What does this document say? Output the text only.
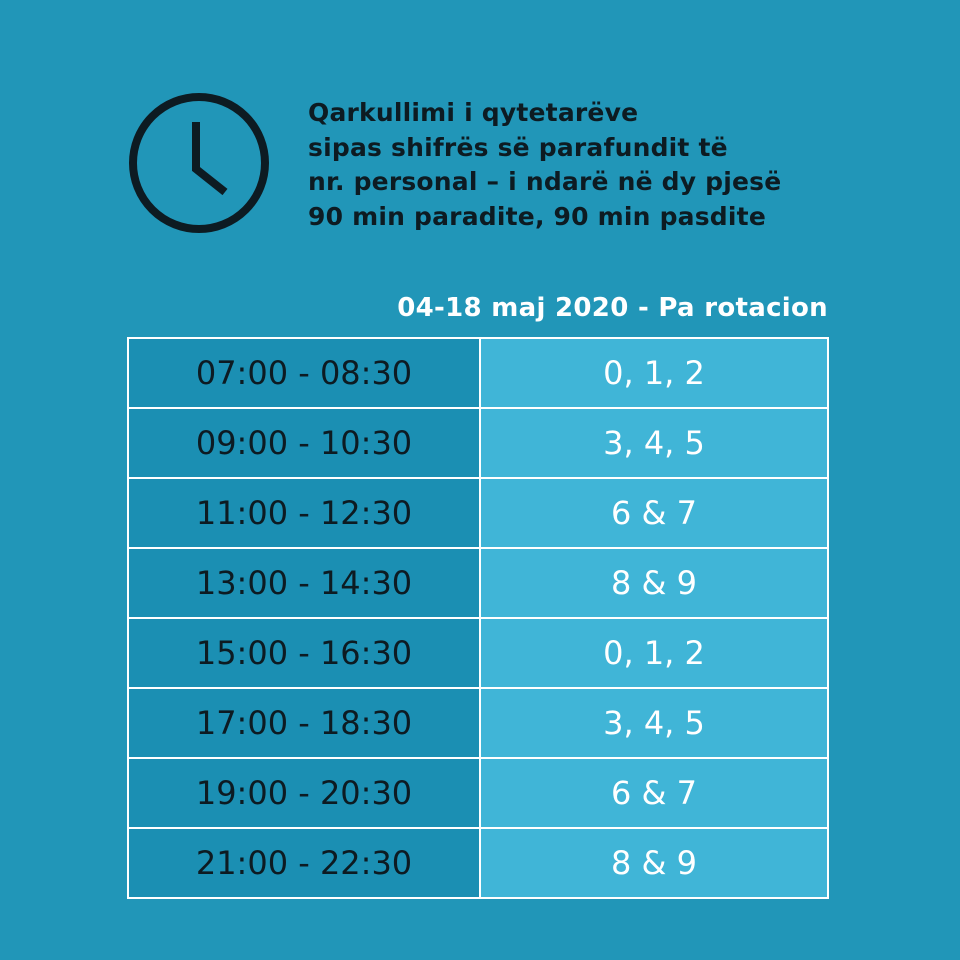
Qarkullimi i qytetarëve
sipas shifrës së parafundit të
nr. personal – i ndarë në dy pjesë
90 min paradite, 90 min pasdite
04-18 maj 2020 - Pa rotacion
07:00 - 08:30	0, 1, 2
09:00 - 10:30	3, 4, 5
11:00 - 12:30	6 & 7
13:00 - 14:30	8 & 9
15:00 - 16:30	0, 1, 2
17:00 - 18:30	3, 4, 5
19:00 - 20:30	6 & 7
21:00 - 22:30	8 & 9
